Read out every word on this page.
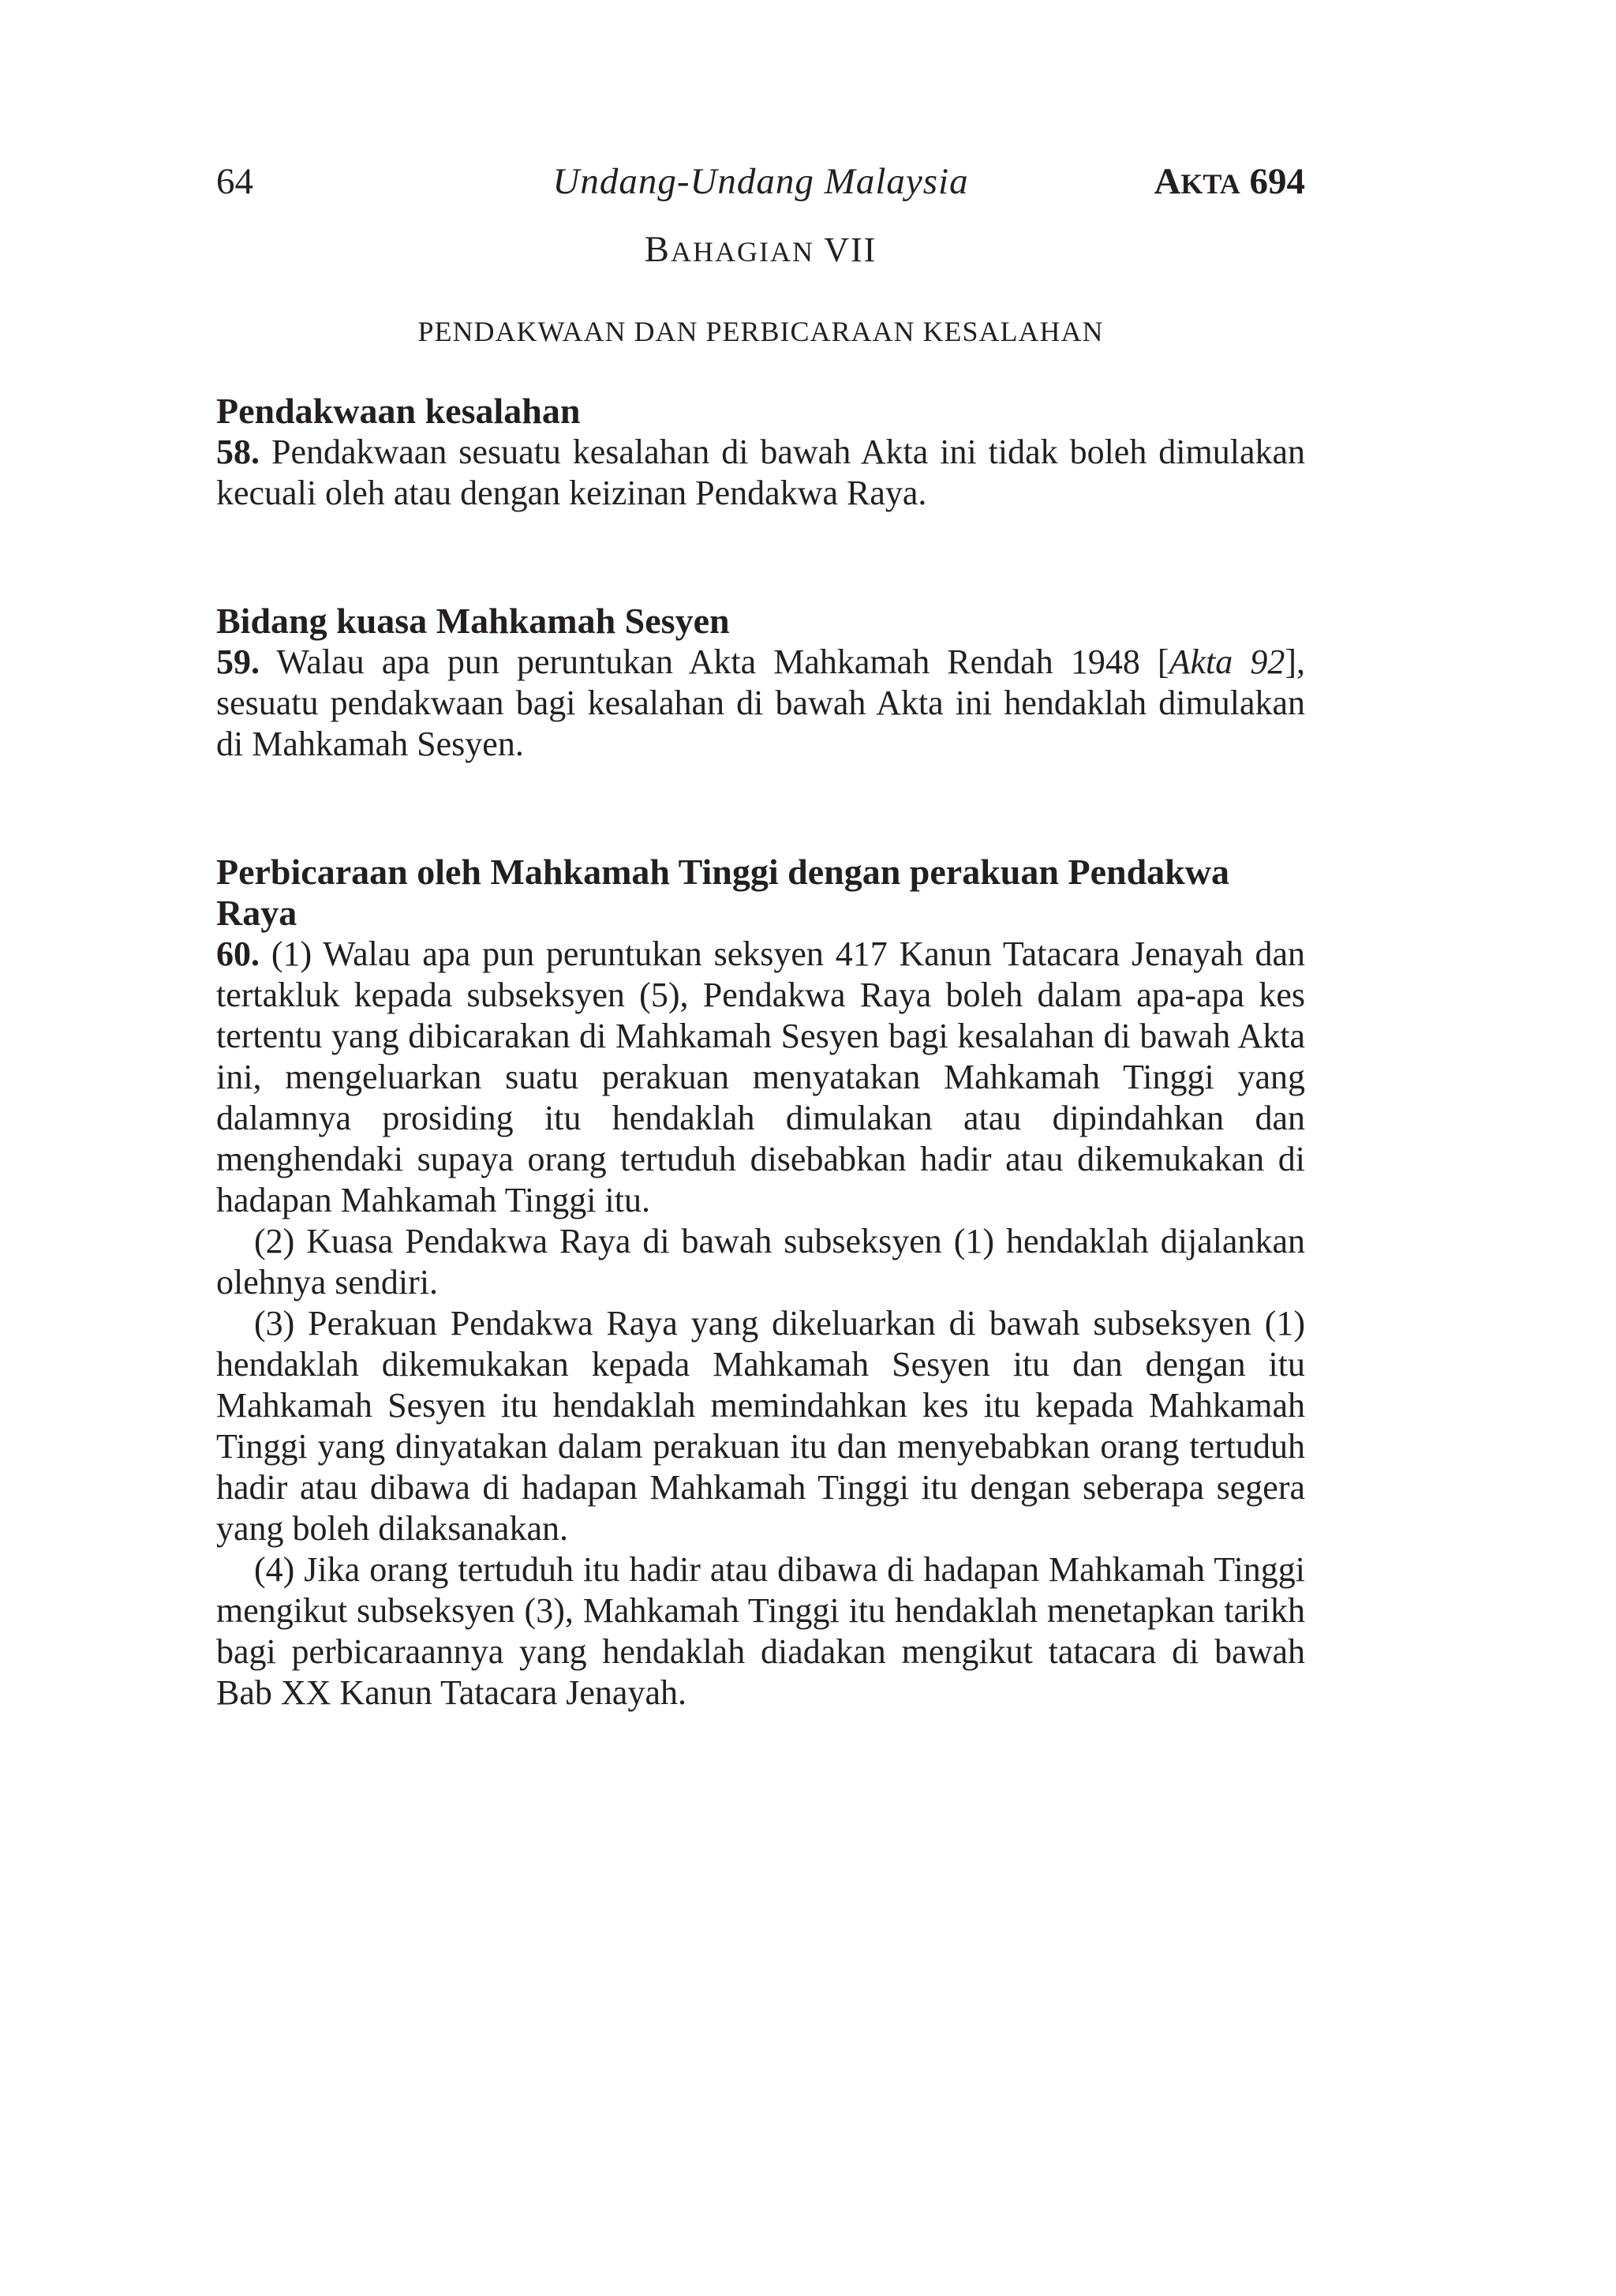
64	Undang-Undang Malaysia	AKTA 694
BAHAGIAN VII
PENDAKWAAN DAN PERBICARAAN KESALAHAN
Pendakwaan kesalahan

58. Pendakwaan sesuatu kesalahan di bawah Akta ini tidak boleh dimulakan kecuali oleh atau dengan keizinan Pendakwa Raya.

Bidang kuasa Mahkamah Sesyen

59. Walau apa pun peruntukan Akta Mahkamah Rendah 1948 [Akta 92], sesuatu pendakwaan bagi kesalahan di bawah Akta ini hendaklah dimulakan di Mahkamah Sesyen.

Perbicaraan oleh Mahkamah Tinggi dengan perakuan Pendakwa Raya

60. (1) Walau apa pun peruntukan seksyen 417 Kanun Tatacara Jenayah dan tertakluk kepada subseksyen (5), Pendakwa Raya boleh dalam apa-apa kes tertentu yang dibicarakan di Mahkamah Sesyen bagi kesalahan di bawah Akta ini, mengeluarkan suatu perakuan menyatakan Mahkamah Tinggi yang dalamnya prosiding itu hendaklah dimulakan atau dipindahkan dan menghendaki supaya orang tertuduh disebabkan hadir atau dikemukakan di hadapan Mahkamah Tinggi itu.

(2) Kuasa Pendakwa Raya di bawah subseksyen (1) hendaklah dijalankan olehnya sendiri.

(3) Perakuan Pendakwa Raya yang dikeluarkan di bawah subseksyen (1) hendaklah dikemukakan kepada Mahkamah Sesyen itu dan dengan itu Mahkamah Sesyen itu hendaklah memindahkan kes itu kepada Mahkamah Tinggi yang dinyatakan dalam perakuan itu dan menyebabkan orang tertuduh hadir atau dibawa di hadapan Mahkamah Tinggi itu dengan seberapa segera yang boleh dilaksanakan.

(4) Jika orang tertuduh itu hadir atau dibawa di hadapan Mahkamah Tinggi mengikut subseksyen (3), Mahkamah Tinggi itu hendaklah menetapkan tarikh bagi perbicaraannya yang hendaklah diadakan mengikut tatacara di bawah Bab XX Kanun Tatacara Jenayah.
